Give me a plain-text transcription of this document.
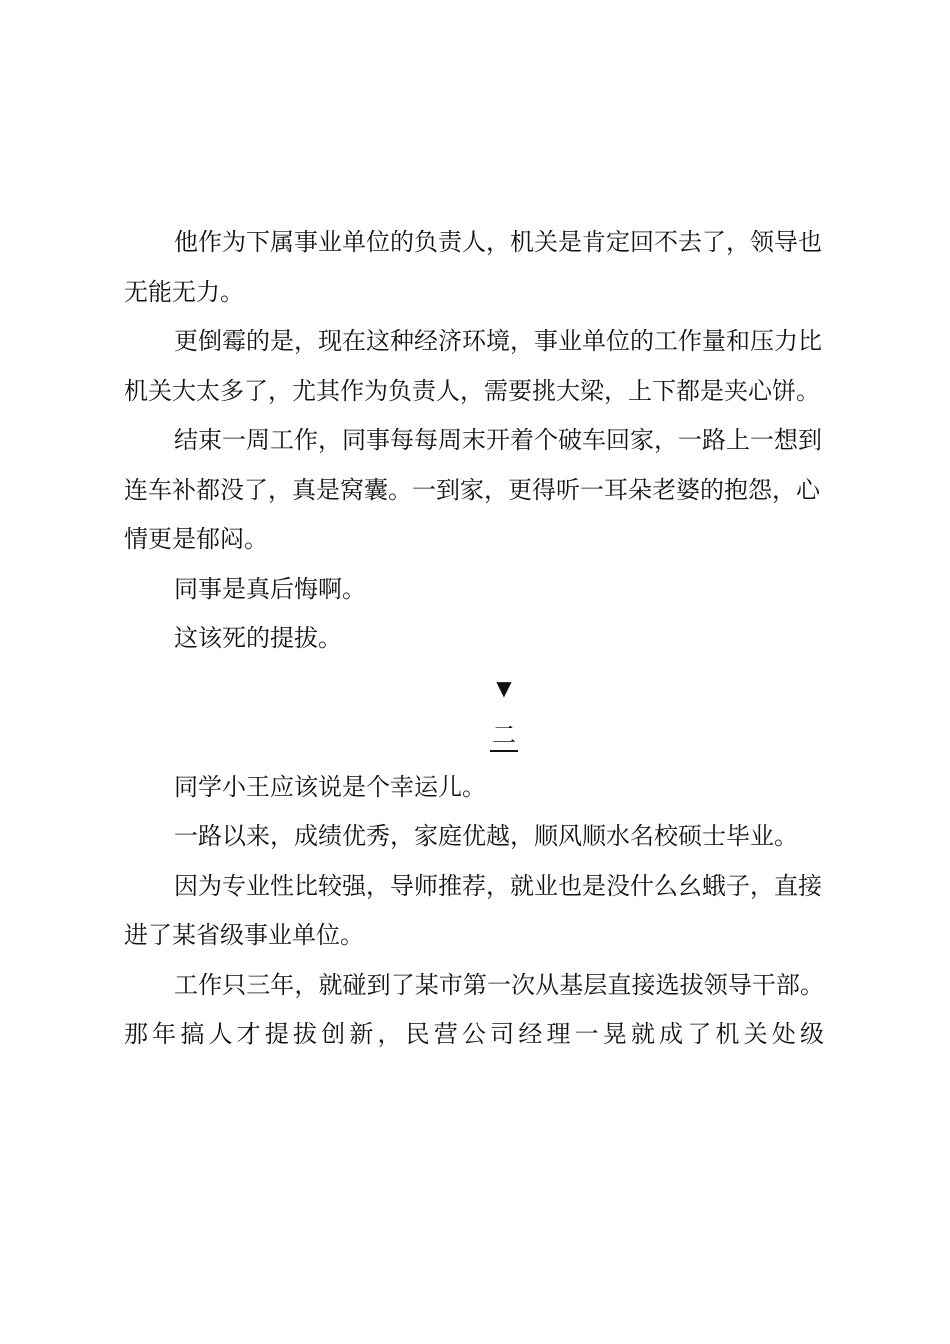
他作为下属事业单位的负责人，机关是肯定回不去了，领导也无能无力。

更倒霉的是，现在这种经济环境，事业单位的工作量和压力比机关大太多了，尤其作为负责人，需要挑大梁，上下都是夹心饼。

结束一周工作，同事每每周末开着个破车回家，一路上一想到连车补都没了，真是窝囊。一到家，更得听一耳朵老婆的抱怨，心情更是郁闷。

同事是真后悔啊。

这该死的提拔。

▼
二

同学小王应该说是个幸运儿。

一路以来，成绩优秀，家庭优越，顺风顺水名校硕士毕业。

因为专业性比较强，导师推荐，就业也是没什么幺蛾子，直接进了某省级事业单位。

工作只三年，就碰到了某市第一次从基层直接选拔领导干部。那年搞人才提拔创新，民营公司经理一晃就成了机关处级
